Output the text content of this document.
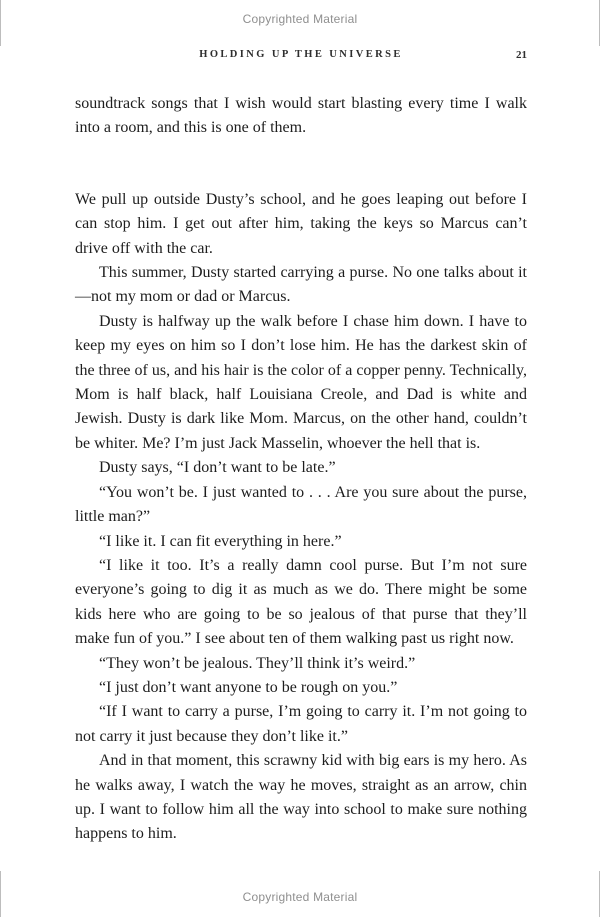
Copyrighted Material
HOLDING UP THE UNIVERSE	21

soundtrack songs that I wish would start blasting every time I walk into a room, and this is one of them.

We pull up outside Dusty’s school, and he goes leaping out before I can stop him. I get out after him, taking the keys so Marcus can’t drive off with the car.

This summer, Dusty started carrying a purse. No one talks about it—not my mom or dad or Marcus.

Dusty is halfway up the walk before I chase him down. I have to keep my eyes on him so I don’t lose him. He has the darkest skin of the three of us, and his hair is the color of a copper penny. Technically, Mom is half black, half Louisiana Creole, and Dad is white and Jewish. Dusty is dark like Mom. Marcus, on the other hand, couldn’t be whiter. Me? I’m just Jack Masselin, whoever the hell that is.

Dusty says, “I don’t want to be late.”

“You won’t be. I just wanted to . . . Are you sure about the purse, little man?”

“I like it. I can fit everything in here.”

“I like it too. It’s a really damn cool purse. But I’m not sure everyone’s going to dig it as much as we do. There might be some kids here who are going to be so jealous of that purse that they’ll make fun of you.” I see about ten of them walking past us right now.

“They won’t be jealous. They’ll think it’s weird.”

“I just don’t want anyone to be rough on you.”

“If I want to carry a purse, I’m going to carry it. I’m not going to not carry it just because they don’t like it.”

And in that moment, this scrawny kid with big ears is my hero. As he walks away, I watch the way he moves, straight as an arrow, chin up. I want to follow him all the way into school to make sure nothing happens to him.

Copyrighted Material
